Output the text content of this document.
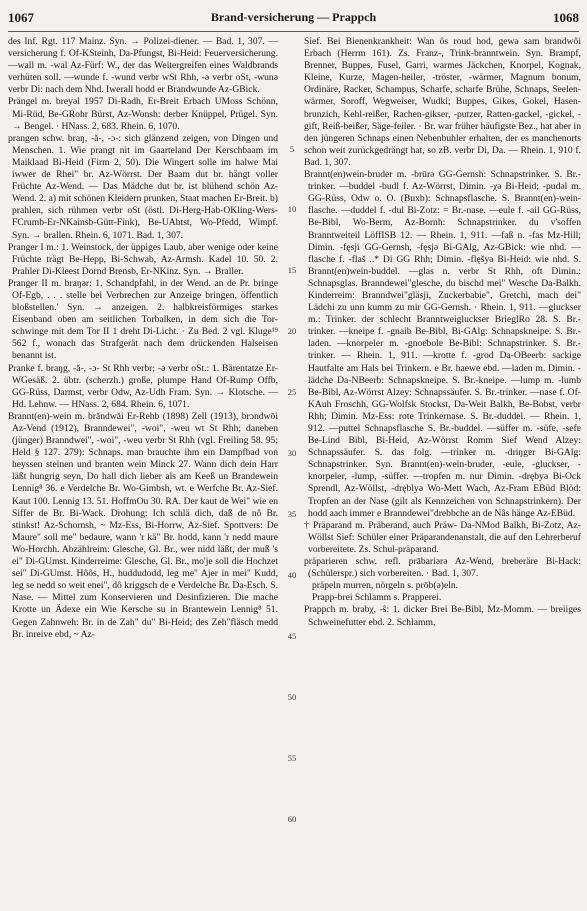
1067	Brand-versicherung — Prappch	1068

des Inf. Rgt. 117 Mainz. Syn. → Polizei-diener. — Bad. 1, 307. —versicherung f. Of-KSteinh, Da-Pfungst, Bi-Heid: Feuerversicherung. —wall m. -wal Az-Fürf: W., der das Weitergreifen eines Waldbrands verhüten soll. —wunde f. -wund verbr wSt Rhh, -ə verbr oSt, -wunə verbr Di: nach dem Nhd. Iwerall hodd er Brandwunde Az-GBick.

Prängel m. breyəl 1957 Di-Radh, Er-Breit Erbach UMoss Schönn, Mi-Rüd, Be-GRohr Bürst, Az-Wonsh: derber Knüppel, Prügel. Syn. → Bengel. · HNass. 2, 683. Rhein. 6, 1070.

prangen schw. braŋ, -ă-, -ɔ-: sich glänzend zeigen, von Dingen und Menschen. 1. Wie prangt nit im Gaarteland Der Kerschbaam im Maiklaad Bi-Heid (Firm 2, 50). Die Wingert solle im halwe Mai iwwer de Rhei" br. Az-Wörrst. Der Baam dut br. hängt voller Früchte Az-Wend. — Das Mädche dut br. ist blühend schön Az-Wend. 2. a) mit schönen Kleidern prunken, Staat machen Er-Breit. b) prahlen, sich rühmen verbr oSt (östl. Di-Herg-Hab-OKling-Wers-FCrumb-Er-NKainsb-Gütt-Fink), Be-UAbtst, Wo-Pfedd, Wimpf. Syn. → brallen. Rhein. 6, 1071. Bad. 1, 307.

Pranger I m.: 1. Weinstock, der üppiges Laub, aber wenige oder keine Früchte trägt Be-Hepp, Bi-Schwab, Az-Armsh. Kadel 10. 50. 2. Prahler Di-Kleest Dornd Brensb, Er-NKinz. Syn. → Braller.

Pranger II m. braŋər: 1. Schandpfahl, in der Wend. an de Pr. bringe Of-Egb, . . . stelle bei Verbrechen zur Anzeige bringen, öffentlich bloßstellen.' Syn. → anzeigen. 2. halbkreisförmiges starkes Eisenband oben am seitlichen Torbalken, in dem sich die Tor-schwinge mit dem Tor II 1 dreht Di-Licht. · Zu Bed. 2 vgl. Kluge¹⁹ 562 f., wonach das Strafgerät nach dem drückenden Halseisen benannt ist.

Pranke f. braŋg, -ă-, -ɔ- St Rhh verbr; -ə verbr oSt.: 1. Bärentatze Er-WGesäß. 2. übtr. (scherzh.) große, plumpe Hand Of-Rump Offb, GG-Rüss, Darmst, verbr Odw, Az-Udh Fram. Syn. → Klotsche. — Hd. Lehnw. — HNass. 2, 684. Rhein. 6, 1071.

Brannt(en)-wein m. brăndwăi Er-Rehb (1898) Zell (1913), brɔndwōi Az-Vend (1912), Branndewei", -woi", -weu wt St Rhh; daneben (jünger) Branndwei", -woi", -weu verbr St Rhh (vgl. Freiling 58. 95; Held § 127. 279): Schnaps. man brauchte ihm ein Dampfbad von heyssen steinen und branten wein Minck 27. Wann dich dein Harr läßt hungrig seyn, Do hall dich lieber als am Keeß un Brandewein Lennig⁸ 36. e Verdelche Br. Wo-Gimbsh, wt. e Werfche Br. Az-Sief. Kaut 100. Lennig 13. 51. HoffmOu 30. RA. Der kaut de Wei" wie en Siffer de Br. Bi-Wack. Drohung: Ich schlä dich, daß de nô Br. stinkst! Az-Schornsh, ~ Mz-Ess, Bi-Horrw, Az-Sief. Spottvers: De Maure" soll me" bedaure, wann 'r kä" Br. hodd, kann 'r nedd maure Wo-Horchh. Abzählreim: Glesche, Gl. Br., wer nidd läßt, der muß 's ei" Di-GUmst. Kinderreime: Glesche, Gl. Br., mo'je soll die Hochzet sei" Di-GUmst. Hôôs, H., huddudodd, leg me" Ajer in mei" Kudd, leg se nedd so weit enei", dô kriggsch de e Verdelche Br. Da-Esch. S. Nase. — Mittel zum Konservieren und Desinfizieren. Die mache Krotte un Ädexe ein Wie Kersche su in Brantewein Lennig⁸ 51. Gegen Zahnweh: Br. in de Zah" du" Bi-Heid; des Zeh"fläsch medd Br. inreive ebd, ~ Az-

5
10
15
20
25
30
35
40
45
50
55
60

Sief. Bei Bienenkrankheit: Wan ôs roud hod, gewə sam brandwôi Erbach (Herrm 161). Zs. Franz-, Trink-branntwein. Syn. Brampf, Brenner, Buppes, Fusel, Garri, warmes Jäckchen, Knorpel, Kognak, Kleine, Kurze, Magen-heiler, -tröster, -wärmer, Magnum bonum, Ordinäre, Racker, Schampus, Scharfe, scharfe Brühe, Schnaps, Seelen-wärmer, Soroff, Wegweiser, Wudki; Buppes, Gikes, Gokel, Hasen-brunzich, Kehl-reißer, Rachen-gikser, -putzer, Ratten-gackel, -gickel, -gift, Reiß-beißer, Säge-feiler. · Br. war früher häufigste Bez., hat aber in den jüngeren Schnaps einen Nebenbuhler erhalten, der es manchenorts schon weit zurückgedrängt hat, so zB. verbr Di, Da. — Rhein. 1, 910 f. Bad. 1, 307.

Brannt(en)wein-bruder m. -brūrə GG-Gernsh: Schnapstrinker. S. Br.-trinker. —buddel -budl f. Az-Wörrst, Dimin. -χə Bi-Heid; -pudəl m. GG-Rüss, Odw o. O. (Buxb): Schnapsflasche. S. Brannt(en)-wein-flasche. —duddel f. -dul Bi-Zotz: = Br.-nase. —eule f. -ail GG-Rüss, Be-Bibl, Wo-Berm, Az-Bornh: Schnapstrinker. du v'soffen Branntweiteil LöffISB 12. — Rhein. 1, 911. —faß n. -fas Mz-Hill; Dimin. -fęsji GG-Gernsh, -fęsjə Bi-GAlg, Az-GBick: wie nhd. —flasche f. -flaš ..* Di GG Rhh; Dimin. -flęšyə Bi-Heid: wie nhd. S. Brannt(en)wein-buddel. —glas n. verbr St Rhh, oft Dimin.: Schnapsglas. Branndewei"glesche, du bischd mei" Wesche Da-Balkh. Kinderreim: Branndwei"gläsji, Zuckerbabie", Gretchi, mach dei" Lädchi zu unn kumm zu mir GG-Gernsh. · Rhein. 1, 911. —gluckser m.: Trinker. der schlecht Branntweigluckser BrieglRo 28. S. Br.-trinker. —kneipe f. -gnaib Be-Bibl, Bi-GAlg: Schnapskneipe. S. Br.-laden. —knorpeler m. -gnoɐ̆bolɐ Be-Bibl: Schnapstrinker. S. Br.-trinker. — Rhein. 1, 911. —krotte f. -grod Da-OBeerb: sackige Hautfalte am Hals bei Trinkern. e Br. haewe ebd. —laden m. Dimin. -lädche Da-NBeerb: Schnapskneipe. S. Br.-kneipe. —lump m. -lumb Be-Bibl, Az-Wörrst Alzey: Schnapssäufer. S. Br.-trinker. —nase f. Of-KAuh Froschh, GG-Wolfsk Stockst, Da-Weit Balkh, Be-Bobst, verbr Rhh; Dimin. Mz-Ess: rote Trinkernase. S. Br.-duddel. — Rhein. 1, 912. —puttel Schnapsflasche S. Br.-buddel. —süffer m. -süfɐ, -sefɐ Be-Lind Bibl, Bi-Heid, Az-Wörrst Romm Sief Wend Alzey: Schnapssäufer. S. das folg. —trinker m. -driŋgɐr Bi-GAlg: Schnapstrinker. Syn. Brannt(en)-wein-bruder, -eule, -gluckser, -knorpeler, -lump, -süffer. —tropfen m. nur Dimin. -drębyə Bi-Ock Sprendl, Az-Wöllst, -dręblyə Wo-Mett Wach, Az-Fram EBüd Blöd: Tropfen an der Nase (gilt als Kennzeichen von Schnapstrinkern). Der hodd aach immer e Branndewei"drebbche an de Nâs hänge Az-EBüd.

† Präparand m. Präberand, auch Präw- Da-NMod Balkh, Bi-Zotz, Az-Wöllst Sief: Schüler einer Präparandenanstalt, die auf den Lehrerberuf vorbereitete. Zs. Schul-präparand.

präparieren schw. refl. prābariərə Az-Wend, breberäre Bi-Hack: (Schülerspr.) sich vorbereiten. · Bad. 1, 307.

präpeln murren, nörgeln s. prōb(ə)eln.

Prapp-brei Schlamm s. Prapperei.

Prappch m. brabχ, -ŝ: 1. dicker Brei Be-Bibl, Mz-Momm. — breiiges Schweinefutter ebd. 2. Schlamm,
